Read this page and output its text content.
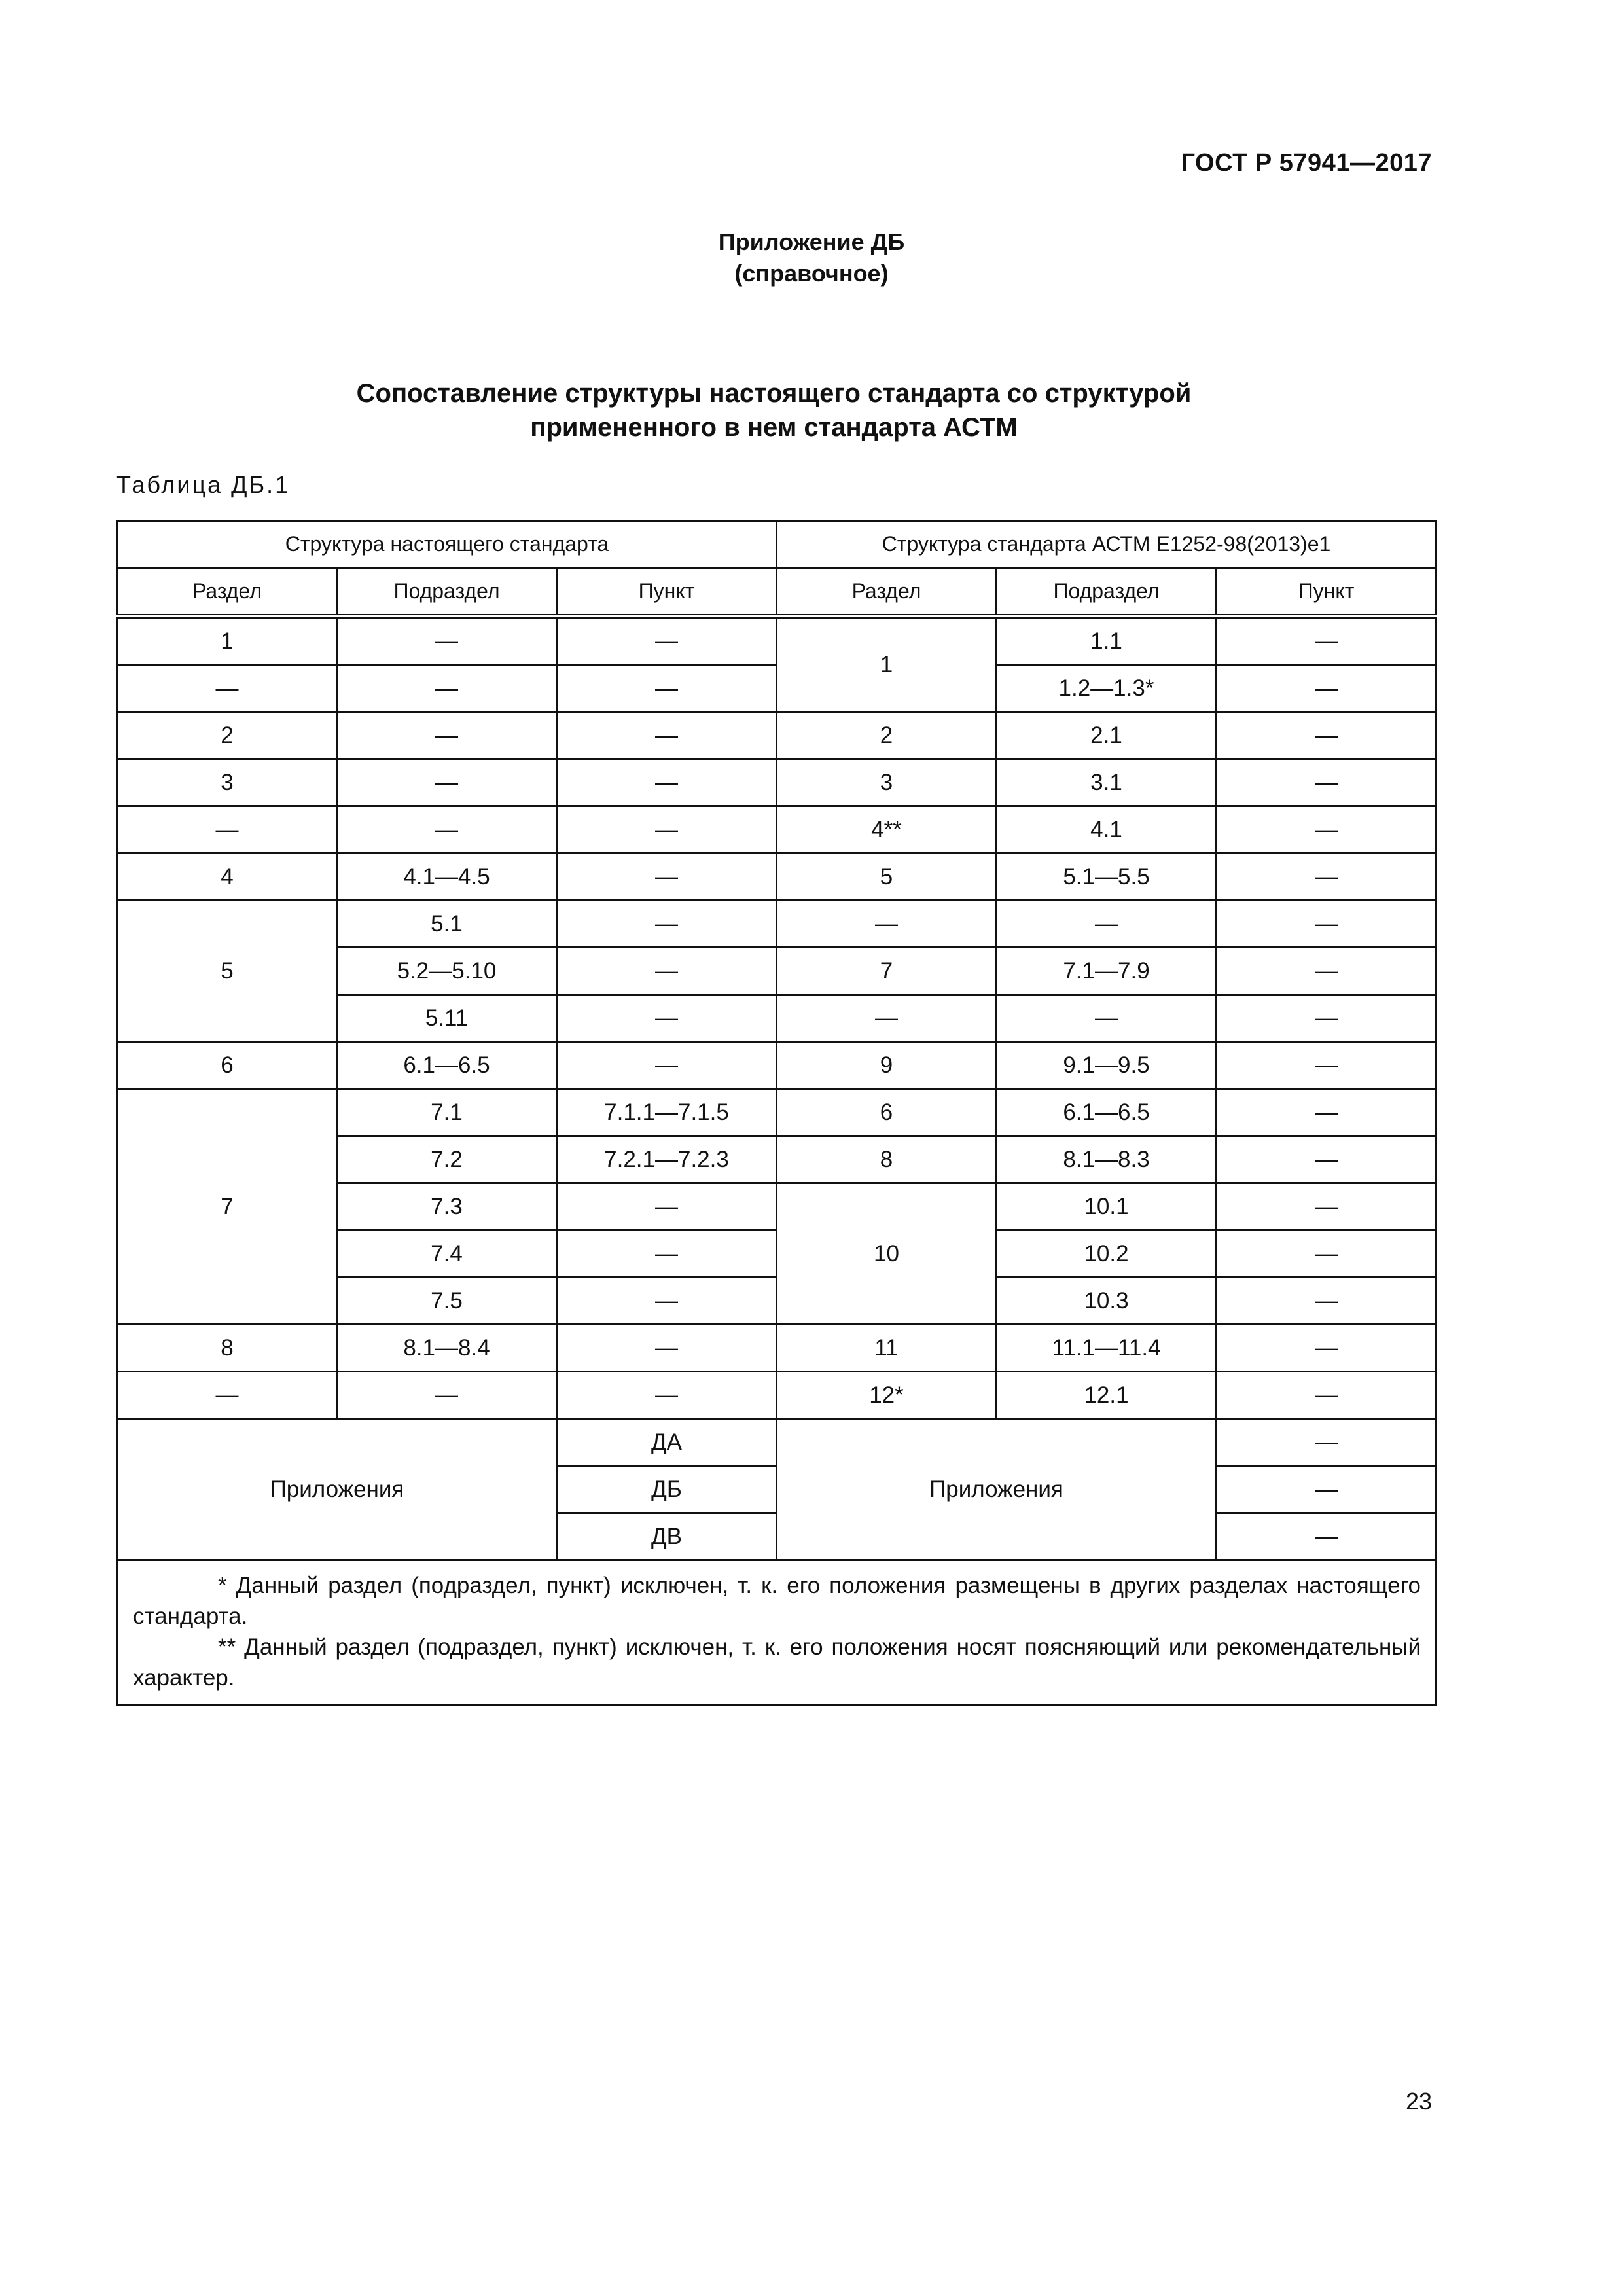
ГОСТ Р 57941—2017
Приложение ДБ
(справочное)
Сопоставление структуры настоящего стандарта со структурой
примененного в нем стандарта АСТМ
Таблица ДБ.1
Структура настоящего стандарта			Структура стандарта АСТМ Е1252-98(2013)е1		
Раздел	Подраздел	Пункт	Раздел	Подраздел	Пункт
1	—	—	1	1.1	—
—	—	—		1.2—1.3*	—
2	—	—	2	2.1	—
3	—	—	3	3.1	—
—	—	—	4**	4.1	—
4	4.1—4.5	—	5	5.1—5.5	—
5	5.1	—	—	—	—
	5.2—5.10	—	7	7.1—7.9	—
	5.11	—	—	—	—
6	6.1—6.5	—	9	9.1—9.5	—
7	7.1	7.1.1—7.1.5	6	6.1—6.5	—
	7.2	7.2.1—7.2.3	8	8.1—8.3	—
	7.3	—	10	10.1	—
	7.4	—		10.2	—
	7.5	—		10.3	—
8	8.1—8.4	—	11	11.1—11.4	—
—	—	—	12*	12.1	—
Приложения		ДА	Приложения		—
		ДБ			—
		ДВ			—

* Данный раздел (подраздел, пункт) исключен, т. к. его положения размещены в других разделах настоящего стандарта.

** Данный раздел (подраздел, пункт) исключен, т. к. его положения носят поясняющий или рекомендательный характер.					

23
